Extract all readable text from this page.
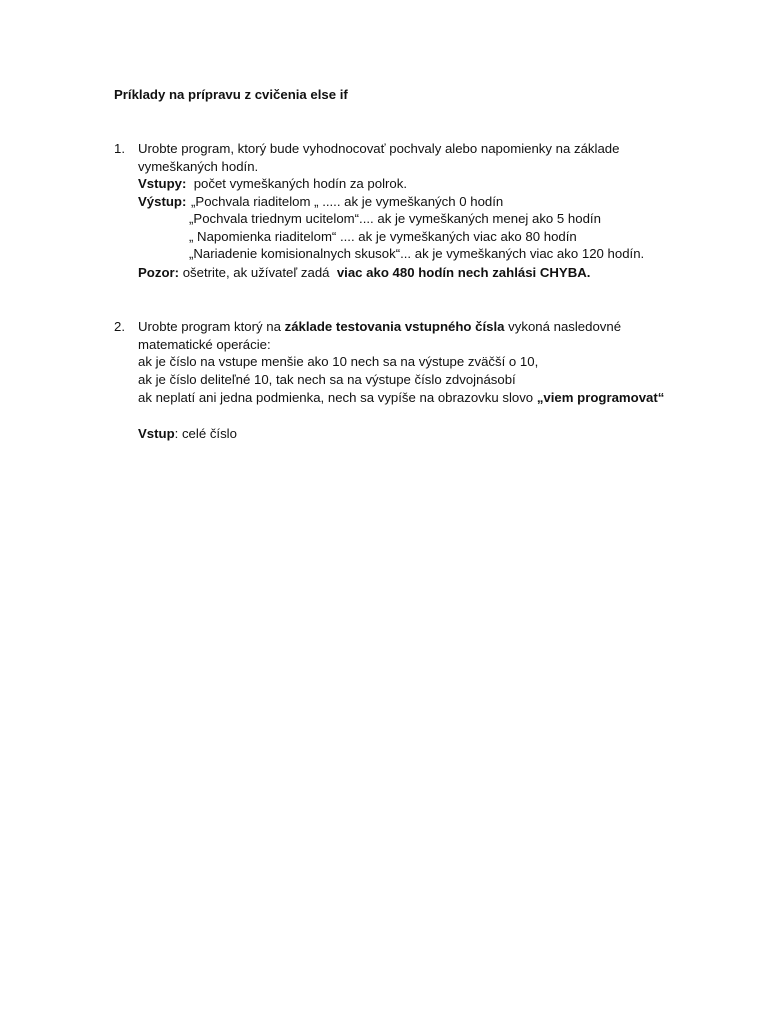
Príklady na prípravu z cvičenia else if
1. Urobte program, ktorý bude vyhodnocovať pochvaly alebo napomienky na základe
vymeškaných hodín.
Vstupy: počet vymeškaných hodín za polrok.
Výstup: „Pochvala riaditelom „ ..... ak je vymeškaných 0 hodín
„Pochvala triednym ucitelom“.... ak je vymeškaných menej ako 5 hodín
„ Napomienka riaditelom“ .... ak je vymeškaných viac ako 80 hodín
„Nariadenie komisionalnych skusok“... ak je vymeškaných viac ako 120 hodín.
Pozor: ošetrite, ak užívateľ zadá viac ako 480 hodín nech zahlási CHYBA.
2. Urobte program ktorý na základe testovania vstupného čísla vykoná nasledovné
matematické operácie:
ak je číslo na vstupe menšie ako 10 nech sa na výstupe zväčší o 10,
ak je číslo deliteľné 10, tak nech sa na výstupe číslo zdvojnásobí
ak neplatí ani jedna podmienka, nech sa vypíše na obrazovku slovo „viem programovat“
Vstup: celé číslo
